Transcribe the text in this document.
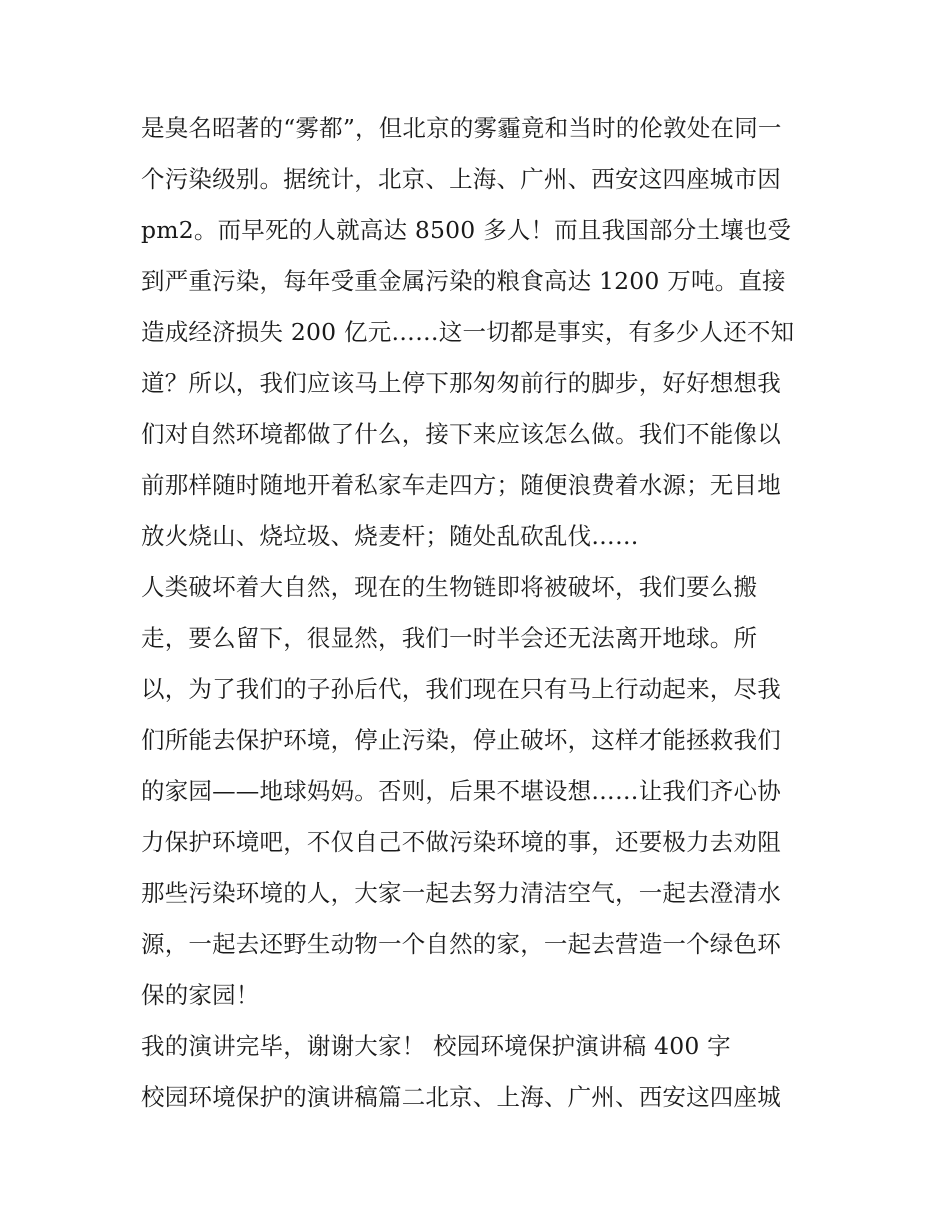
是臭名昭著的“雾都”，但北京的雾霾竟和当时的伦敦处在同一
个污染级别。据统计，北京、上海、广州、西安这四座城市因
pm2。而早死的人就高达 8500 多人！而且我国部分土壤也受
到严重污染，每年受重金属污染的粮食高达 1200 万吨。直接
造成经济损失 200 亿元……这一切都是事实，有多少人还不知
道？所以，我们应该马上停下那匆匆前行的脚步，好好想想我
们对自然环境都做了什么，接下来应该怎么做。我们不能像以
前那样随时随地开着私家车走四方；随便浪费着水源；无目地
放火烧山、烧垃圾、烧麦杆；随处乱砍乱伐……
人类破坏着大自然，现在的生物链即将被破坏，我们要么搬
走，要么留下，很显然，我们一时半会还无法离开地球。所
以，为了我们的子孙后代，我们现在只有马上行动起来，尽我
们所能去保护环境，停止污染，停止破坏，这样才能拯救我们
的家园——地球妈妈。否则，后果不堪设想……让我们齐心协
力保护环境吧，不仅自己不做污染环境的事，还要极力去劝阻
那些污染环境的人，大家一起去努力清洁空气，一起去澄清水
源，一起去还野生动物一个自然的家，一起去营造一个绿色环
保的家园！
我的演讲完毕，谢谢大家！ 校园环境保护演讲稿 400 字
校园环境保护的演讲稿篇二北京、上海、广州、西安这四座城
